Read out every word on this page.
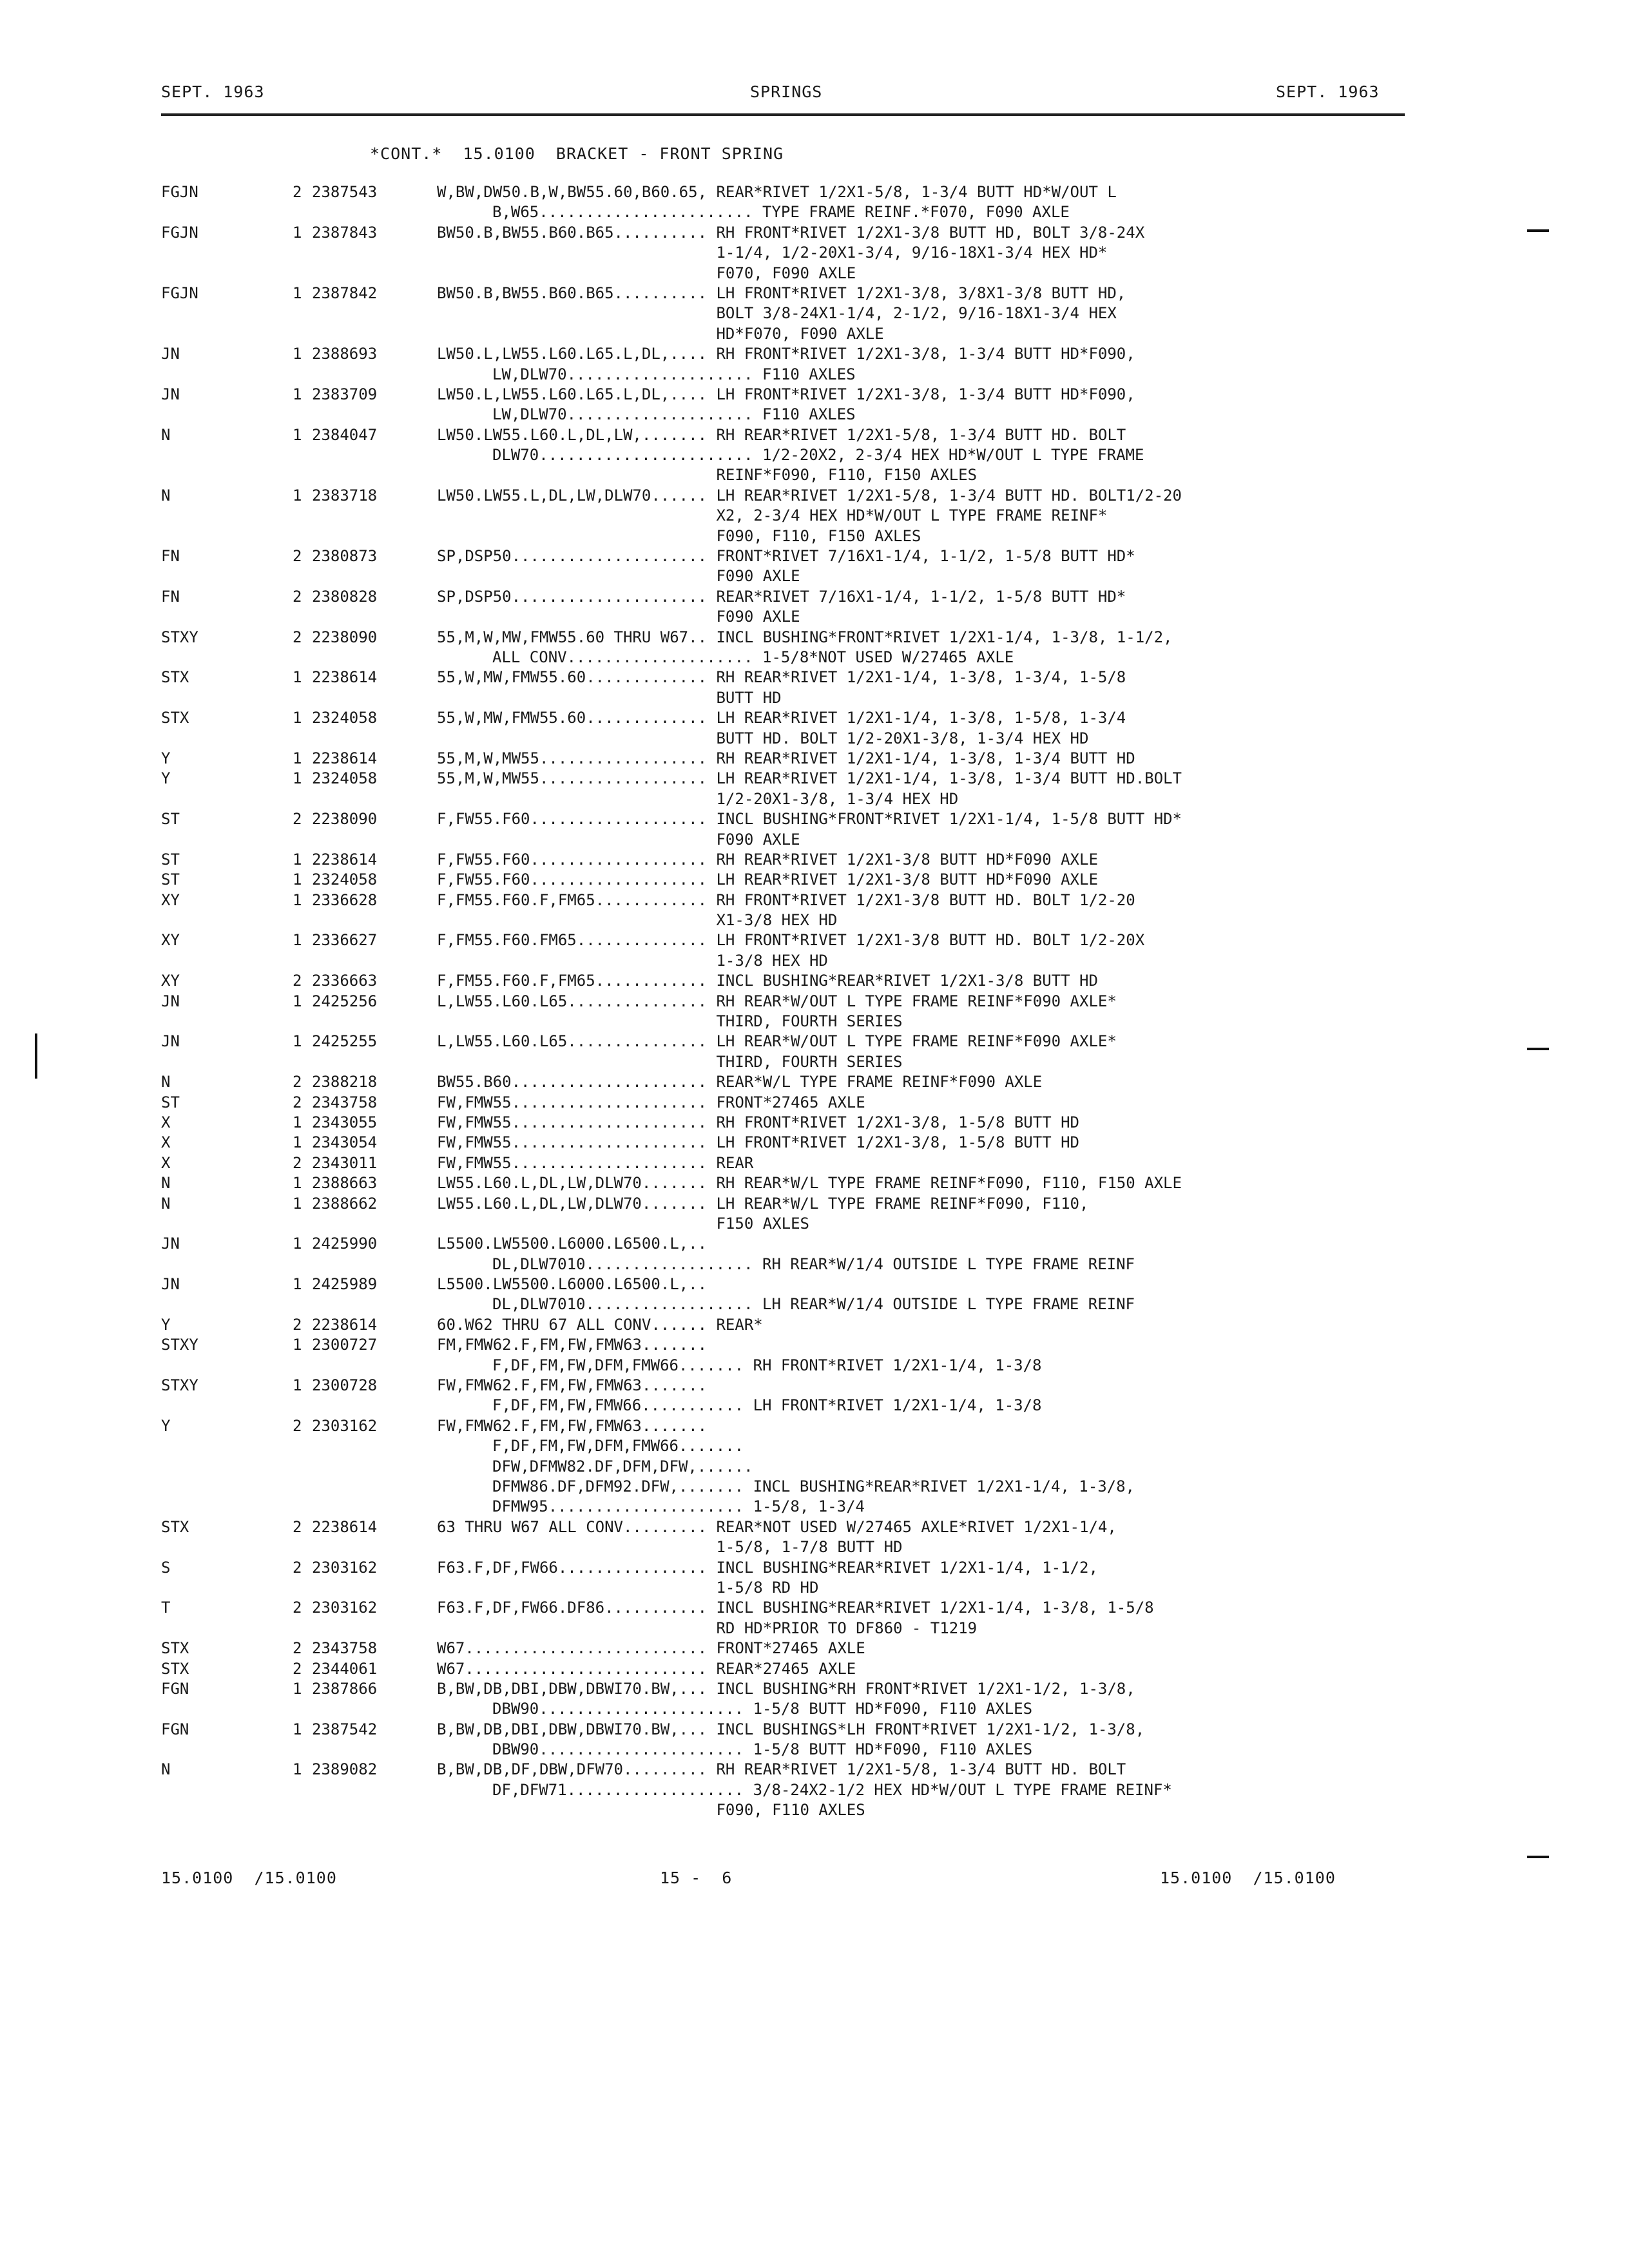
SEPT. 1963	SPRINGS	SEPT. 1963
*CONT.*  15.0100  BRACKET - FRONT SPRING
FGJN	2 2387543	W,BW,DW50.B,W,BW55.60,B60.65, REAR*RIVET 1/2X1-5/8, 1-3/4 BUTT HD*W/OUT L
B,W65....................... TYPE FRAME REINF.*F070, F090 AXLE
FGJN	1 2387843	BW50.B,BW55.B60.B65.......... RH FRONT*RIVET 1/2X1-3/8 BUTT HD, BOLT 3/8-24X
1-1/4, 1/2-20X1-3/4, 9/16-18X1-3/4 HEX HD*
F070, F090 AXLE
FGJN	1 2387842	BW50.B,BW55.B60.B65.......... LH FRONT*RIVET 1/2X1-3/8, 3/8X1-3/8 BUTT HD,
BOLT 3/8-24X1-1/4, 2-1/2, 9/16-18X1-3/4 HEX
HD*F070, F090 AXLE
JN	1 2388693	LW50.L,LW55.L60.L65.L,DL,.... RH FRONT*RIVET 1/2X1-3/8, 1-3/4 BUTT HD*F090,
LW,DLW70.................... F110 AXLES
JN	1 2383709	LW50.L,LW55.L60.L65.L,DL,.... LH FRONT*RIVET 1/2X1-3/8, 1-3/4 BUTT HD*F090,
LW,DLW70.................... F110 AXLES
N	1 2384047	LW50.LW55.L60.L,DL,LW,....... RH REAR*RIVET 1/2X1-5/8, 1-3/4 BUTT HD. BOLT
DLW70....................... 1/2-20X2, 2-3/4 HEX HD*W/OUT L TYPE FRAME
REINF*F090, F110, F150 AXLES
N	1 2383718	LW50.LW55.L,DL,LW,DLW70...... LH REAR*RIVET 1/2X1-5/8, 1-3/4 BUTT HD. BOLT1/2-20
X2, 2-3/4 HEX HD*W/OUT L TYPE FRAME REINF*
F090, F110, F150 AXLES
FN	2 2380873	SP,DSP50..................... FRONT*RIVET 7/16X1-1/4, 1-1/2, 1-5/8 BUTT HD*
F090 AXLE
FN	2 2380828	SP,DSP50..................... REAR*RIVET 7/16X1-1/4, 1-1/2, 1-5/8 BUTT HD*
F090 AXLE
STXY	2 2238090	55,M,W,MW,FMW55.60 THRU W67.. INCL BUSHING*FRONT*RIVET 1/2X1-1/4, 1-3/8, 1-1/2,
ALL CONV.................... 1-5/8*NOT USED W/27465 AXLE
STX	1 2238614	55,W,MW,FMW55.60............. RH REAR*RIVET 1/2X1-1/4, 1-3/8, 1-3/4, 1-5/8
BUTT HD
STX	1 2324058	55,W,MW,FMW55.60............. LH REAR*RIVET 1/2X1-1/4, 1-3/8, 1-5/8, 1-3/4
BUTT HD. BOLT 1/2-20X1-3/8, 1-3/4 HEX HD
Y	1 2238614	55,M,W,MW55.................. RH REAR*RIVET 1/2X1-1/4, 1-3/8, 1-3/4 BUTT HD
Y	1 2324058	55,M,W,MW55.................. LH REAR*RIVET 1/2X1-1/4, 1-3/8, 1-3/4 BUTT HD.BOLT
1/2-20X1-3/8, 1-3/4 HEX HD
ST	2 2238090	F,FW55.F60................... INCL BUSHING*FRONT*RIVET 1/2X1-1/4, 1-5/8 BUTT HD*
F090 AXLE
ST	1 2238614	F,FW55.F60................... RH REAR*RIVET 1/2X1-3/8 BUTT HD*F090 AXLE
ST	1 2324058	F,FW55.F60................... LH REAR*RIVET 1/2X1-3/8 BUTT HD*F090 AXLE
XY	1 2336628	F,FM55.F60.F,FM65............ RH FRONT*RIVET 1/2X1-3/8 BUTT HD. BOLT 1/2-20
X1-3/8 HEX HD
XY	1 2336627	F,FM55.F60.FM65.............. LH FRONT*RIVET 1/2X1-3/8 BUTT HD. BOLT 1/2-20X
1-3/8 HEX HD
XY	2 2336663	F,FM55.F60.F,FM65............ INCL BUSHING*REAR*RIVET 1/2X1-3/8 BUTT HD
JN	1 2425256	L,LW55.L60.L65............... RH REAR*W/OUT L TYPE FRAME REINF*F090 AXLE*
THIRD, FOURTH SERIES
JN	1 2425255	L,LW55.L60.L65............... LH REAR*W/OUT L TYPE FRAME REINF*F090 AXLE*
THIRD, FOURTH SERIES
N	2 2388218	BW55.B60..................... REAR*W/L TYPE FRAME REINF*F090 AXLE
ST	2 2343758	FW,FMW55..................... FRONT*27465 AXLE
X	1 2343055	FW,FMW55..................... RH FRONT*RIVET 1/2X1-3/8, 1-5/8 BUTT HD
X	1 2343054	FW,FMW55..................... LH FRONT*RIVET 1/2X1-3/8, 1-5/8 BUTT HD
X	2 2343011	FW,FMW55..................... REAR
N	1 2388663	LW55.L60.L,DL,LW,DLW70....... RH REAR*W/L TYPE FRAME REINF*F090, F110, F150 AXLE
N	1 2388662	LW55.L60.L,DL,LW,DLW70....... LH REAR*W/L TYPE FRAME REINF*F090, F110,
F150 AXLES
JN	1 2425990	L5500.LW5500.L6000.L6500.L,..
DL,DLW7010.................. RH REAR*W/1/4 OUTSIDE L TYPE FRAME REINF
JN	1 2425989	L5500.LW5500.L6000.L6500.L,..
DL,DLW7010.................. LH REAR*W/1/4 OUTSIDE L TYPE FRAME REINF
Y	2 2238614	60.W62 THRU 67 ALL CONV...... REAR*
STXY	1 2300727	FM,FMW62.F,FM,FW,FMW63.......
F,DF,FM,FW,DFM,FMW66....... RH FRONT*RIVET 1/2X1-1/4, 1-3/8
STXY	1 2300728	FW,FMW62.F,FM,FW,FMW63.......
F,DF,FM,FW,FMW66........... LH FRONT*RIVET 1/2X1-1/4, 1-3/8
Y	2 2303162	FW,FMW62.F,FM,FW,FMW63.......
F,DF,FM,FW,DFM,FMW66.......
DFW,DFMW82.DF,DFM,DFW,......
DFMW86.DF,DFM92.DFW,....... INCL BUSHING*REAR*RIVET 1/2X1-1/4, 1-3/8,
DFMW95..................... 1-5/8, 1-3/4
STX	2 2238614	63 THRU W67 ALL CONV......... REAR*NOT USED W/27465 AXLE*RIVET 1/2X1-1/4,
1-5/8, 1-7/8 BUTT HD
S	2 2303162	F63.F,DF,FW66................ INCL BUSHING*REAR*RIVET 1/2X1-1/4, 1-1/2,
1-5/8 RD HD
T	2 2303162	F63.F,DF,FW66.DF86........... INCL BUSHING*REAR*RIVET 1/2X1-1/4, 1-3/8, 1-5/8
RD HD*PRIOR TO DF860 - T1219
STX	2 2343758	W67.......................... FRONT*27465 AXLE
STX	2 2344061	W67.......................... REAR*27465 AXLE
FGN	1 2387866	B,BW,DB,DBI,DBW,DBWI70.BW,... INCL BUSHING*RH FRONT*RIVET 1/2X1-1/2, 1-3/8,
DBW90...................... 1-5/8 BUTT HD*F090, F110 AXLES
FGN	1 2387542	B,BW,DB,DBI,DBW,DBWI70.BW,... INCL BUSHINGS*LH FRONT*RIVET 1/2X1-1/2, 1-3/8,
DBW90...................... 1-5/8 BUTT HD*F090, F110 AXLES
N	1 2389082	B,BW,DB,DF,DBW,DFW70......... RH REAR*RIVET 1/2X1-5/8, 1-3/4 BUTT HD. BOLT
DF,DFW71................... 3/8-24X2-1/2 HEX HD*W/OUT L TYPE FRAME REINF*
F090, F110 AXLES
15.0100  /15.0100	15 -  6	15.0100  /15.0100
